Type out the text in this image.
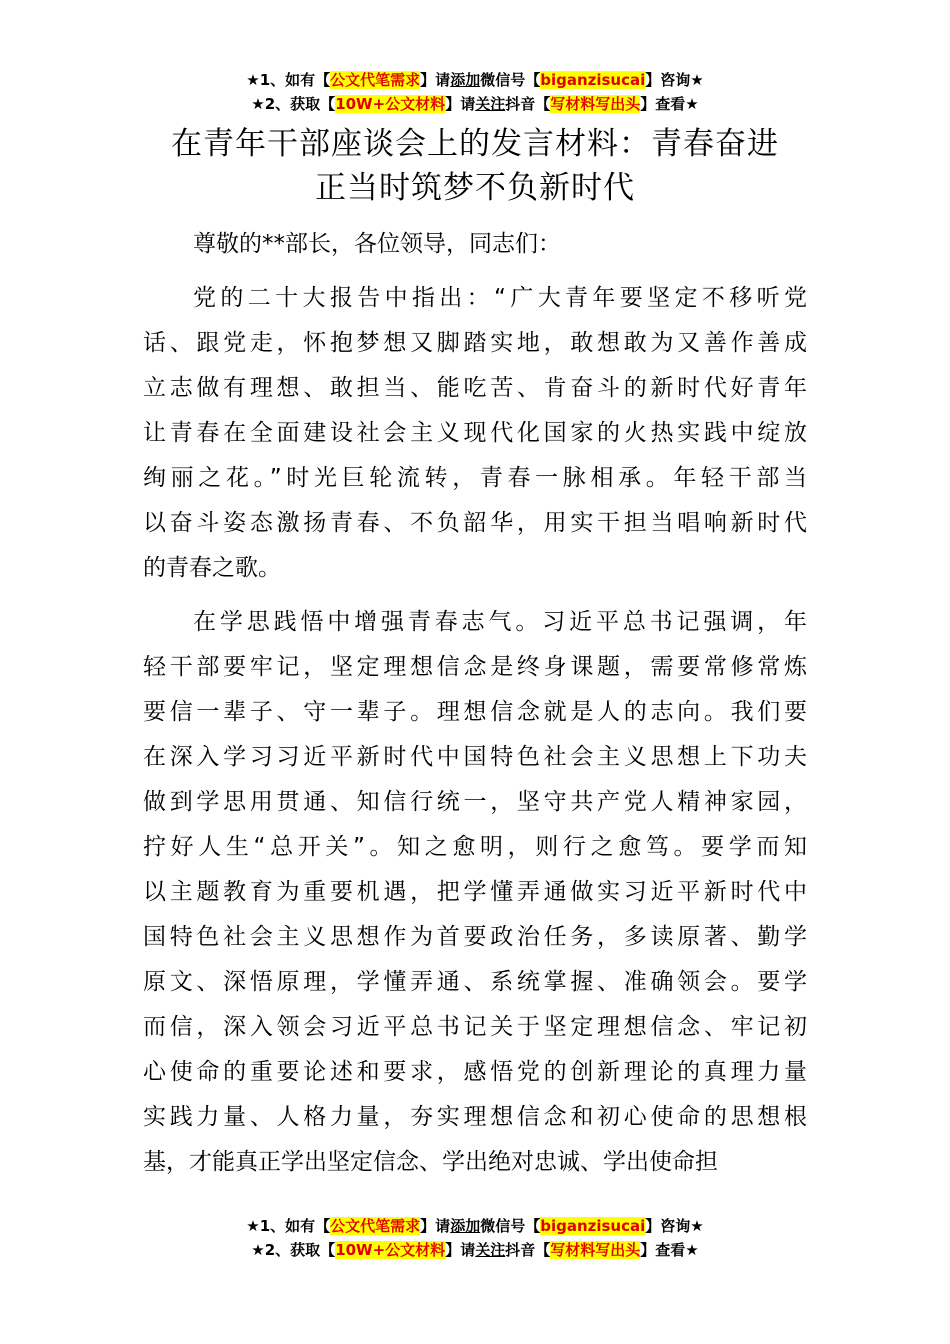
★1、如有【公文代笔需求】请添加微信号【biganzisucai】咨询★
★2、获取【10W+公文材料】请关注抖音【写材料写出头】查看★
在青年干部座谈会上的发言材料：青春奋进
正当时筑梦不负新时代

尊敬的**部长，各位领导，同志们：

党的二十大报告中指出：“广大青年要坚定不移听党
话、跟党走，怀抱梦想又脚踏实地，敢想敢为又善作善成
立志做有理想、敢担当、能吃苦、肯奋斗的新时代好青年
让青春在全面建设社会主义现代化国家的火热实践中绽放
绚丽之花。”时光巨轮流转，青春一脉相承。年轻干部当
以奋斗姿态激扬青春、不负韶华，用实干担当唱响新时代
的青春之歌。
在学思践悟中增强青春志气。习近平总书记强调，年
轻干部要牢记，坚定理想信念是终身课题，需要常修常炼
要信一辈子、守一辈子。理想信念就是人的志向。我们要
在深入学习习近平新时代中国特色社会主义思想上下功夫
做到学思用贯通、知信行统一，坚守共产党人精神家园，
拧好人生“总开关”。知之愈明，则行之愈笃。要学而知
以主题教育为重要机遇，把学懂弄通做实习近平新时代中
国特色社会主义思想作为首要政治任务，多读原著、勤学
原文、深悟原理，学懂弄通、系统掌握、准确领会。要学
而信，深入领会习近平总书记关于坚定理想信念、牢记初
心使命的重要论述和要求，感悟党的创新理论的真理力量
实践力量、人格力量，夯实理想信念和初心使命的思想根
基，才能真正学出坚定信念、学出绝对忠诚、学出使命担
★1、如有【公文代笔需求】请添加微信号【biganzisucai】咨询★
★2、获取【10W+公文材料】请关注抖音【写材料写出头】查看★
